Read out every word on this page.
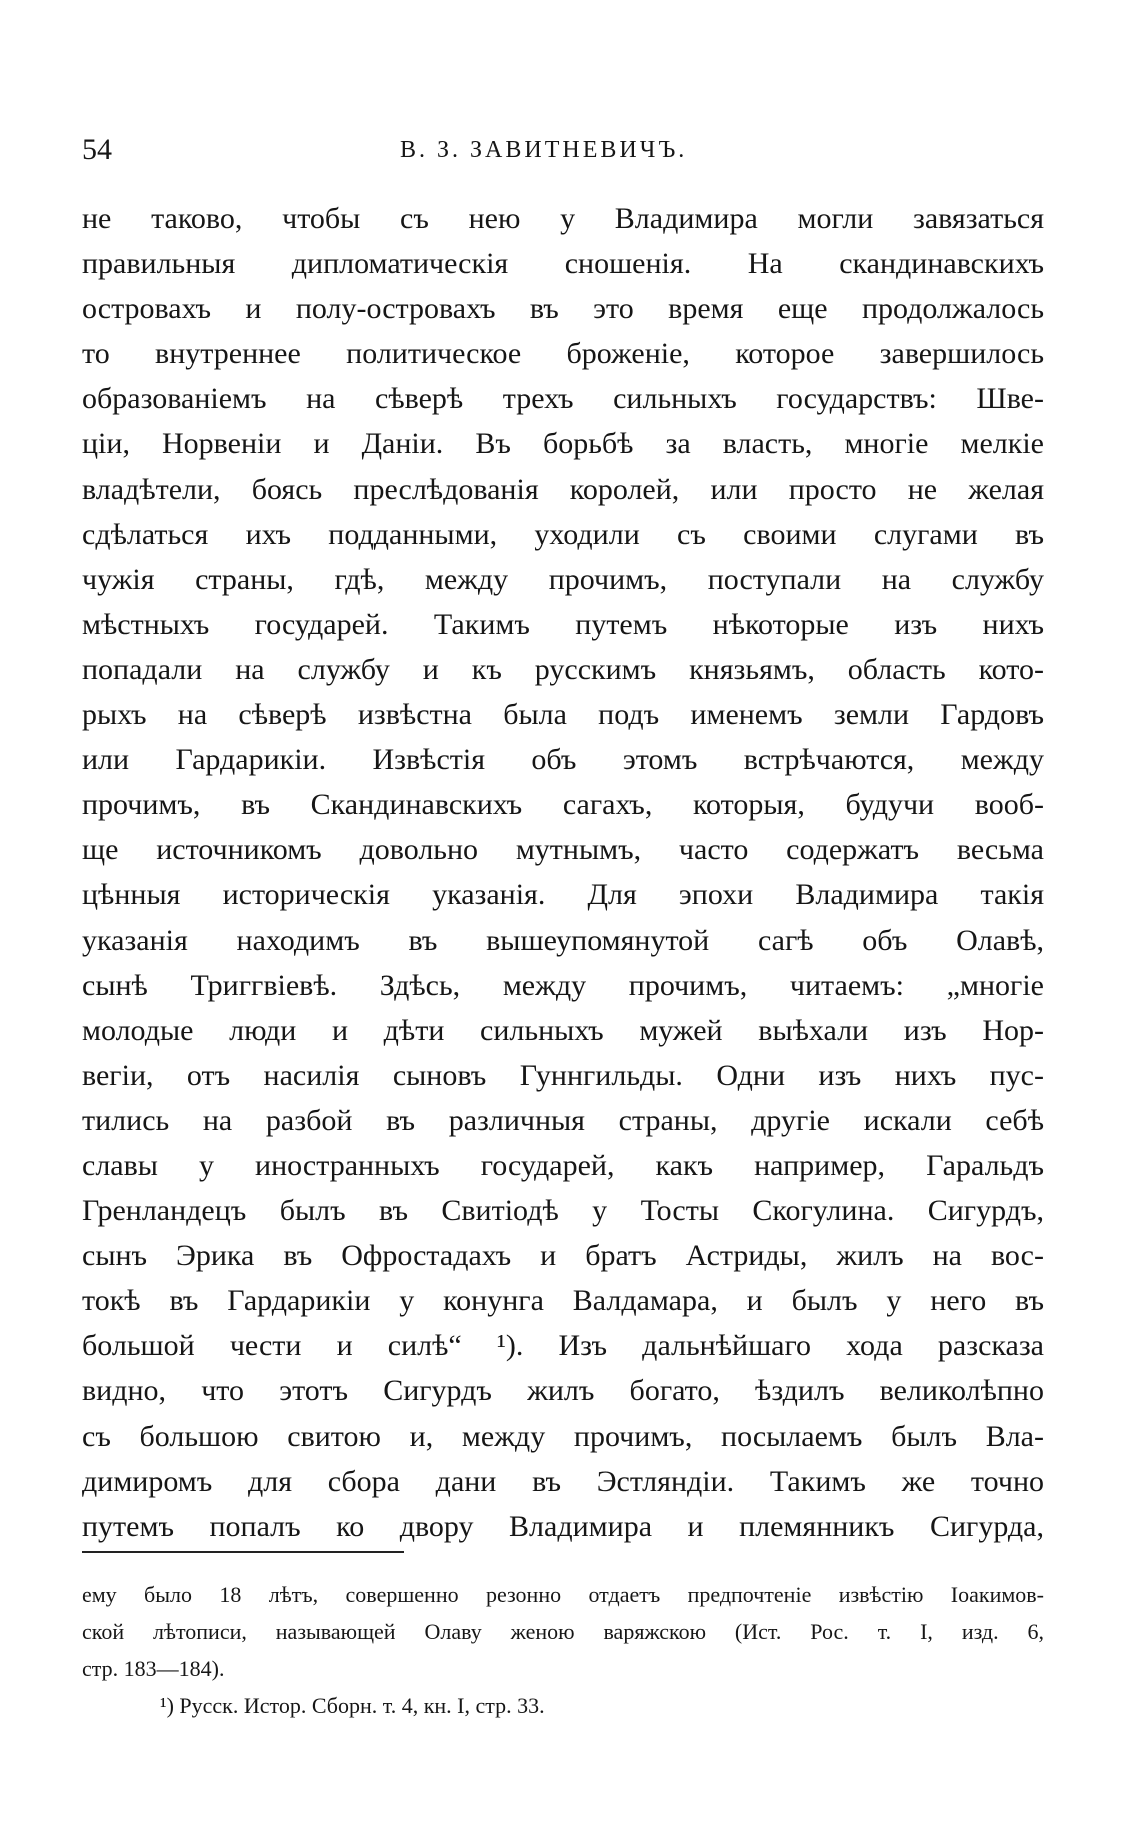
54	В. З. ЗАВИТНЕВИЧЪ.
не таково, чтобы съ нею у Владимира могли завязаться
правильныя дипломатическія сношенія. На скандинавскихъ
островахъ и полу-островахъ въ это время еще продолжалось
то внутреннее политическое броженіе, которое завершилось
образованіемъ на сѣверѣ трехъ сильныхъ государствъ: Шве-
ціи, Норвеніи и Даніи. Въ борьбѣ за власть, многіе мелкіе
владѣтели, боясь преслѣдованія королей, или просто не желая
сдѣлаться ихъ подданными, уходили съ своими слугами въ
чужія страны, гдѣ, между прочимъ, поступали на службу
мѣстныхъ государей. Такимъ путемъ нѣкоторые изъ нихъ
попадали на службу и къ русскимъ князьямъ, область кото-
рыхъ на сѣверѣ извѣстна была подъ именемъ земли Гардовъ
или Гардарикіи. Извѣстія объ этомъ встрѣчаются, между
прочимъ, въ Скандинавскихъ сагахъ, которыя, будучи вооб-
ще источникомъ довольно мутнымъ, часто содержатъ весьма
цѣнныя историческія указанія. Для эпохи Владимира такія
указанія находимъ въ вышеупомянутой сагѣ объ Олавѣ,
сынѣ Триггвіевѣ. Здѣсь, между прочимъ, читаемъ: „многіе
молодые люди и дѣти сильныхъ мужей выѣхали изъ Нор-
вегіи, отъ насилія сыновъ Гуннгильды. Одни изъ нихъ пус-
тились на разбой въ различныя страны, другіе искали себѣ
славы у иностранныхъ государей, какъ например, Гаральдъ
Гренландецъ былъ въ Свитіодѣ у Тосты Скогулина. Сигурдъ,
сынъ Эрика въ Офростадахъ и братъ Астриды, жилъ на вос-
токѣ въ Гардарикіи у конунга Валдамара, и былъ у него въ
большой чести и силѣ“ ¹). Изъ дальнѣйшаго хода разсказа
видно, что этотъ Сигурдъ жилъ богато, ѣздилъ великолѣпно
съ большою свитою и, между прочимъ, посылаемъ былъ Вла-
димиромъ для сбора дани въ Эстляндіи. Такимъ же точно
путемъ попалъ ко двору Владимира и племянникъ Сигурда,
ему было 18 лѣтъ, совершенно резонно отдаетъ предпочтеніе извѣстію Іоакимов-
ской лѣтописи, называющей Олаву женою варяжскою (Ист. Рос. т. I, изд. 6,
стр. 183—184).
¹) Русск. Истор. Сборн. т. 4, кн. I, стр. 33.
